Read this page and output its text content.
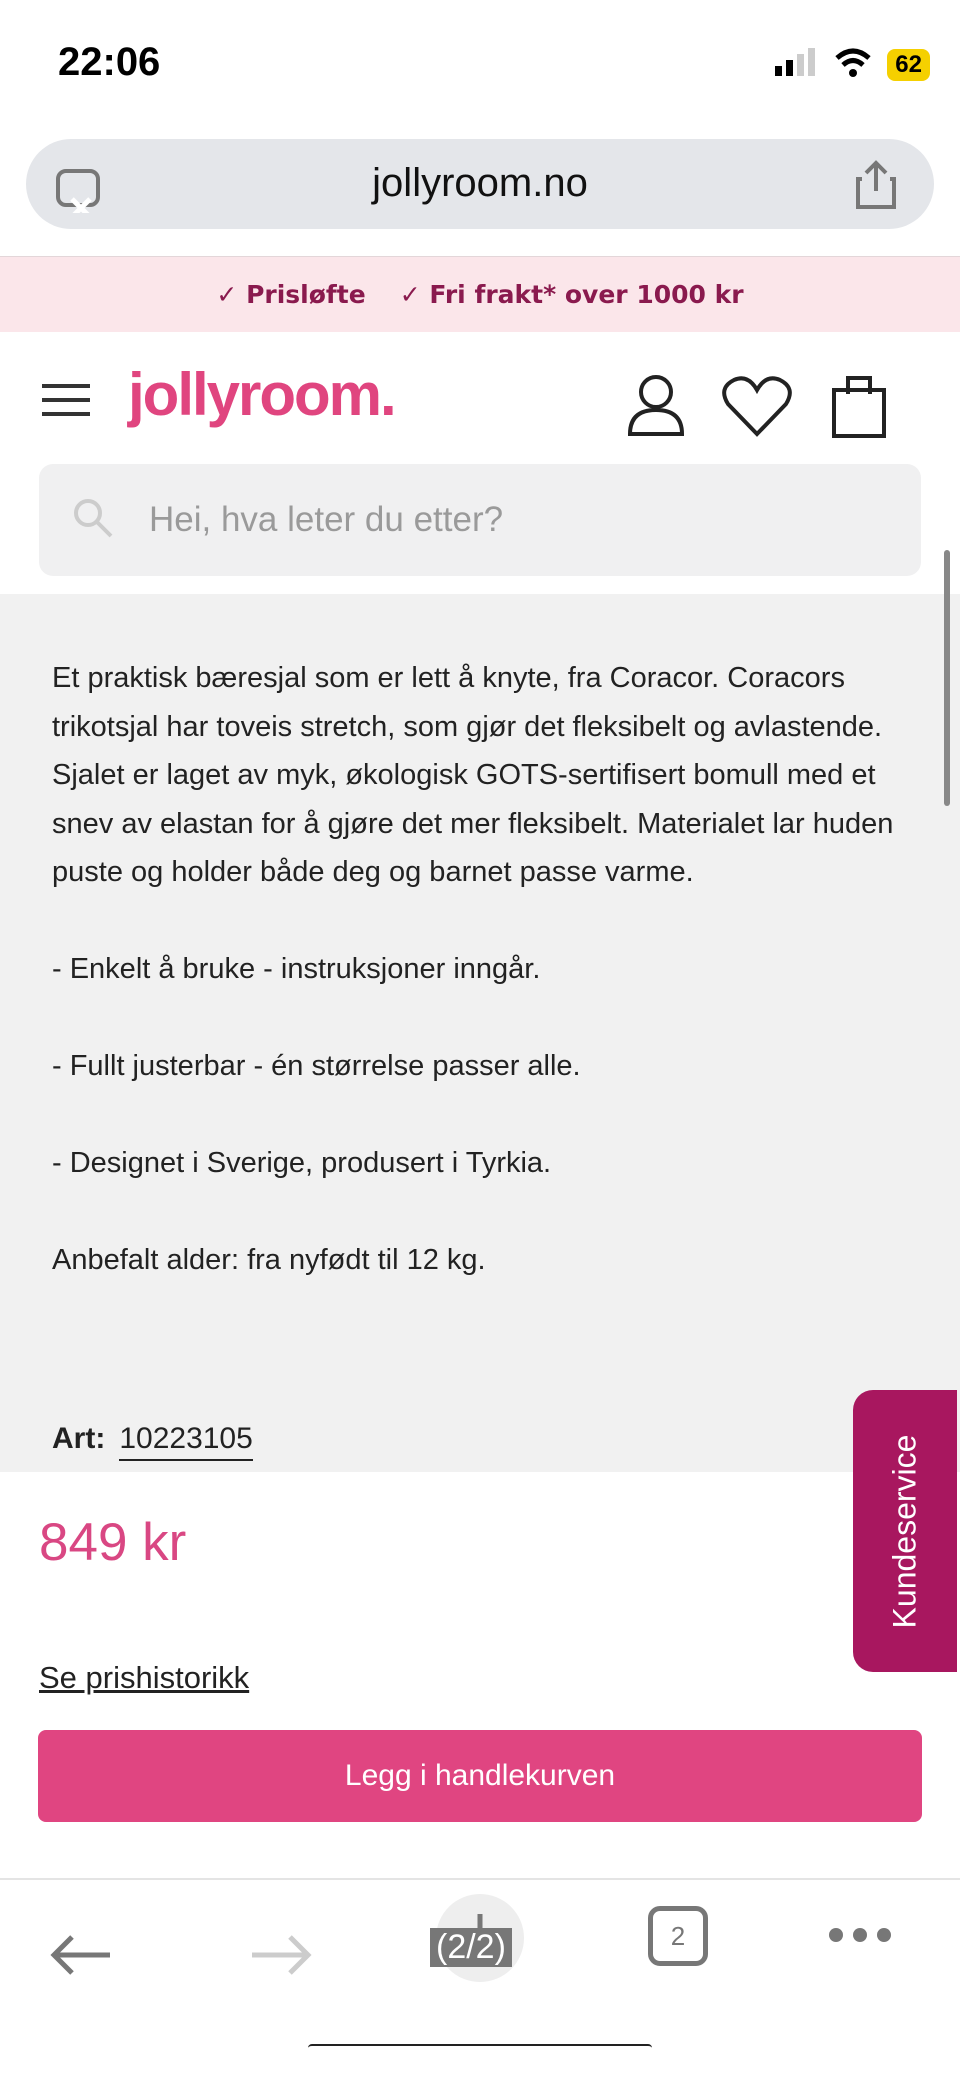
22:06	62
jollyroom.no
✓ Prisløfte ✓ Fri frakt* over 1000 kr
jollyroom.
Hei, hva leter du etter?

Et praktisk bæresjal som er lett å knyte, fra Coracor. Coracors trikotsjal har toveis stretch, som gjør det fleksibelt og avlastende. Sjalet er laget av myk, økologisk GOTS-sertifisert bomull med et snev av elastan for å gjøre det mer fleksibelt. Materialet lar huden puste og holder både deg og barnet passe varme.

- Enkelt å bruke - instruksjoner inngår.

- Fullt justerbar - én størrelse passer alle.

- Designet i Sverige, produsert i Tyrkia.

Anbefalt alder: fra nyfødt til 12 kg.

Art: 10223105
849 kr
Se prishistorikk
Legg i handlekurven
Kundeservice
2
(2/2)
